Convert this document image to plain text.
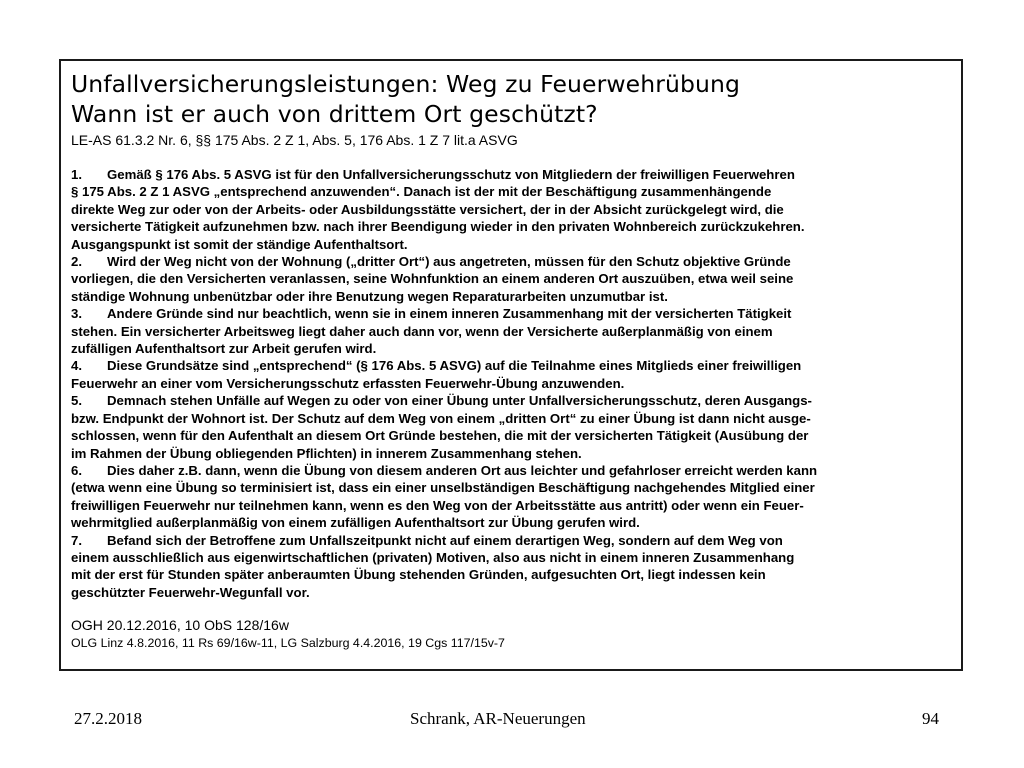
Unfallversicherungsleistungen: Weg zu Feuerwehrübung
Wann ist er auch von drittem Ort geschützt?
LE-AS 61.3.2 Nr. 6, §§ 175 Abs. 2 Z 1, Abs. 5, 176 Abs. 1 Z 7 lit.a ASVG
1. Gemäß § 176 Abs. 5 ASVG ist für den Unfallversicherungsschutz von Mitgliedern der freiwilligen Feuerwehren
§ 175 Abs. 2 Z 1 ASVG „entsprechend anzuwenden“. Danach ist der mit der Beschäftigung zusammenhängende
direkte Weg zur oder von der Arbeits- oder Ausbildungsstätte versichert, der in der Absicht zurückgelegt wird, die
versicherte Tätigkeit aufzunehmen bzw. nach ihrer Beendigung wieder in den privaten Wohnbereich zurückzukehren.
Ausgangspunkt ist somit der ständige Aufenthaltsort.
2. Wird der Weg nicht von der Wohnung („dritter Ort“) aus angetreten, müssen für den Schutz objektive Gründe
vorliegen, die den Versicherten veranlassen, seine Wohnfunktion an einem anderen Ort auszuüben, etwa weil seine
ständige Wohnung unbenützbar oder ihre Benutzung wegen Reparaturarbeiten unzumutbar ist.
3. Andere Gründe sind nur beachtlich, wenn sie in einem inneren Zusammenhang mit der versicherten Tätigkeit
stehen. Ein versicherter Arbeitsweg liegt daher auch dann vor, wenn der Versicherte außerplanmäßig von einem
zufälligen Aufenthaltsort zur Arbeit gerufen wird.
4. Diese Grundsätze sind „entsprechend“ (§ 176 Abs. 5 ASVG) auf die Teilnahme eines Mitglieds einer freiwilligen
Feuerwehr an einer vom Versicherungsschutz erfassten Feuerwehr-Übung anzuwenden.
5. Demnach stehen Unfälle auf Wegen zu oder von einer Übung unter Unfallversicherungsschutz, deren Ausgangs-
bzw. Endpunkt der Wohnort ist. Der Schutz auf dem Weg von einem „dritten Ort“ zu einer Übung ist dann nicht ausge-
schlossen, wenn für den Aufenthalt an diesem Ort Gründe bestehen, die mit der versicherten Tätigkeit (Ausübung der
im Rahmen der Übung obliegenden Pflichten) in innerem Zusammenhang stehen.
6. Dies daher z.B. dann, wenn die Übung von diesem anderen Ort aus leichter und gefahrloser erreicht werden kann
(etwa wenn eine Übung so terminisiert ist, dass ein einer unselbständigen Beschäftigung nachgehendes Mitglied einer
freiwilligen Feuerwehr nur teilnehmen kann, wenn es den Weg von der Arbeitsstätte aus antritt) oder wenn ein Feuer-
wehrmitglied außerplanmäßig von einem zufälligen Aufenthaltsort zur Übung gerufen wird.
7. Befand sich der Betroffene zum Unfallszeitpunkt nicht auf einem derartigen Weg, sondern auf dem Weg von
einem ausschließlich aus eigenwirtschaftlichen (privaten) Motiven, also aus nicht in einem inneren Zusammenhang
mit der erst für Stunden später anberaumten Übung stehenden Gründen, aufgesuchten Ort, liegt indessen kein
geschützter Feuerwehr-Wegunfall vor.
OGH 20.12.2016, 10 ObS 128/16w
OLG Linz 4.8.2016, 11 Rs 69/16w-11, LG Salzburg 4.4.2016, 19 Cgs 117/15v-7
27.2.2018	Schrank, AR-Neuerungen	94
